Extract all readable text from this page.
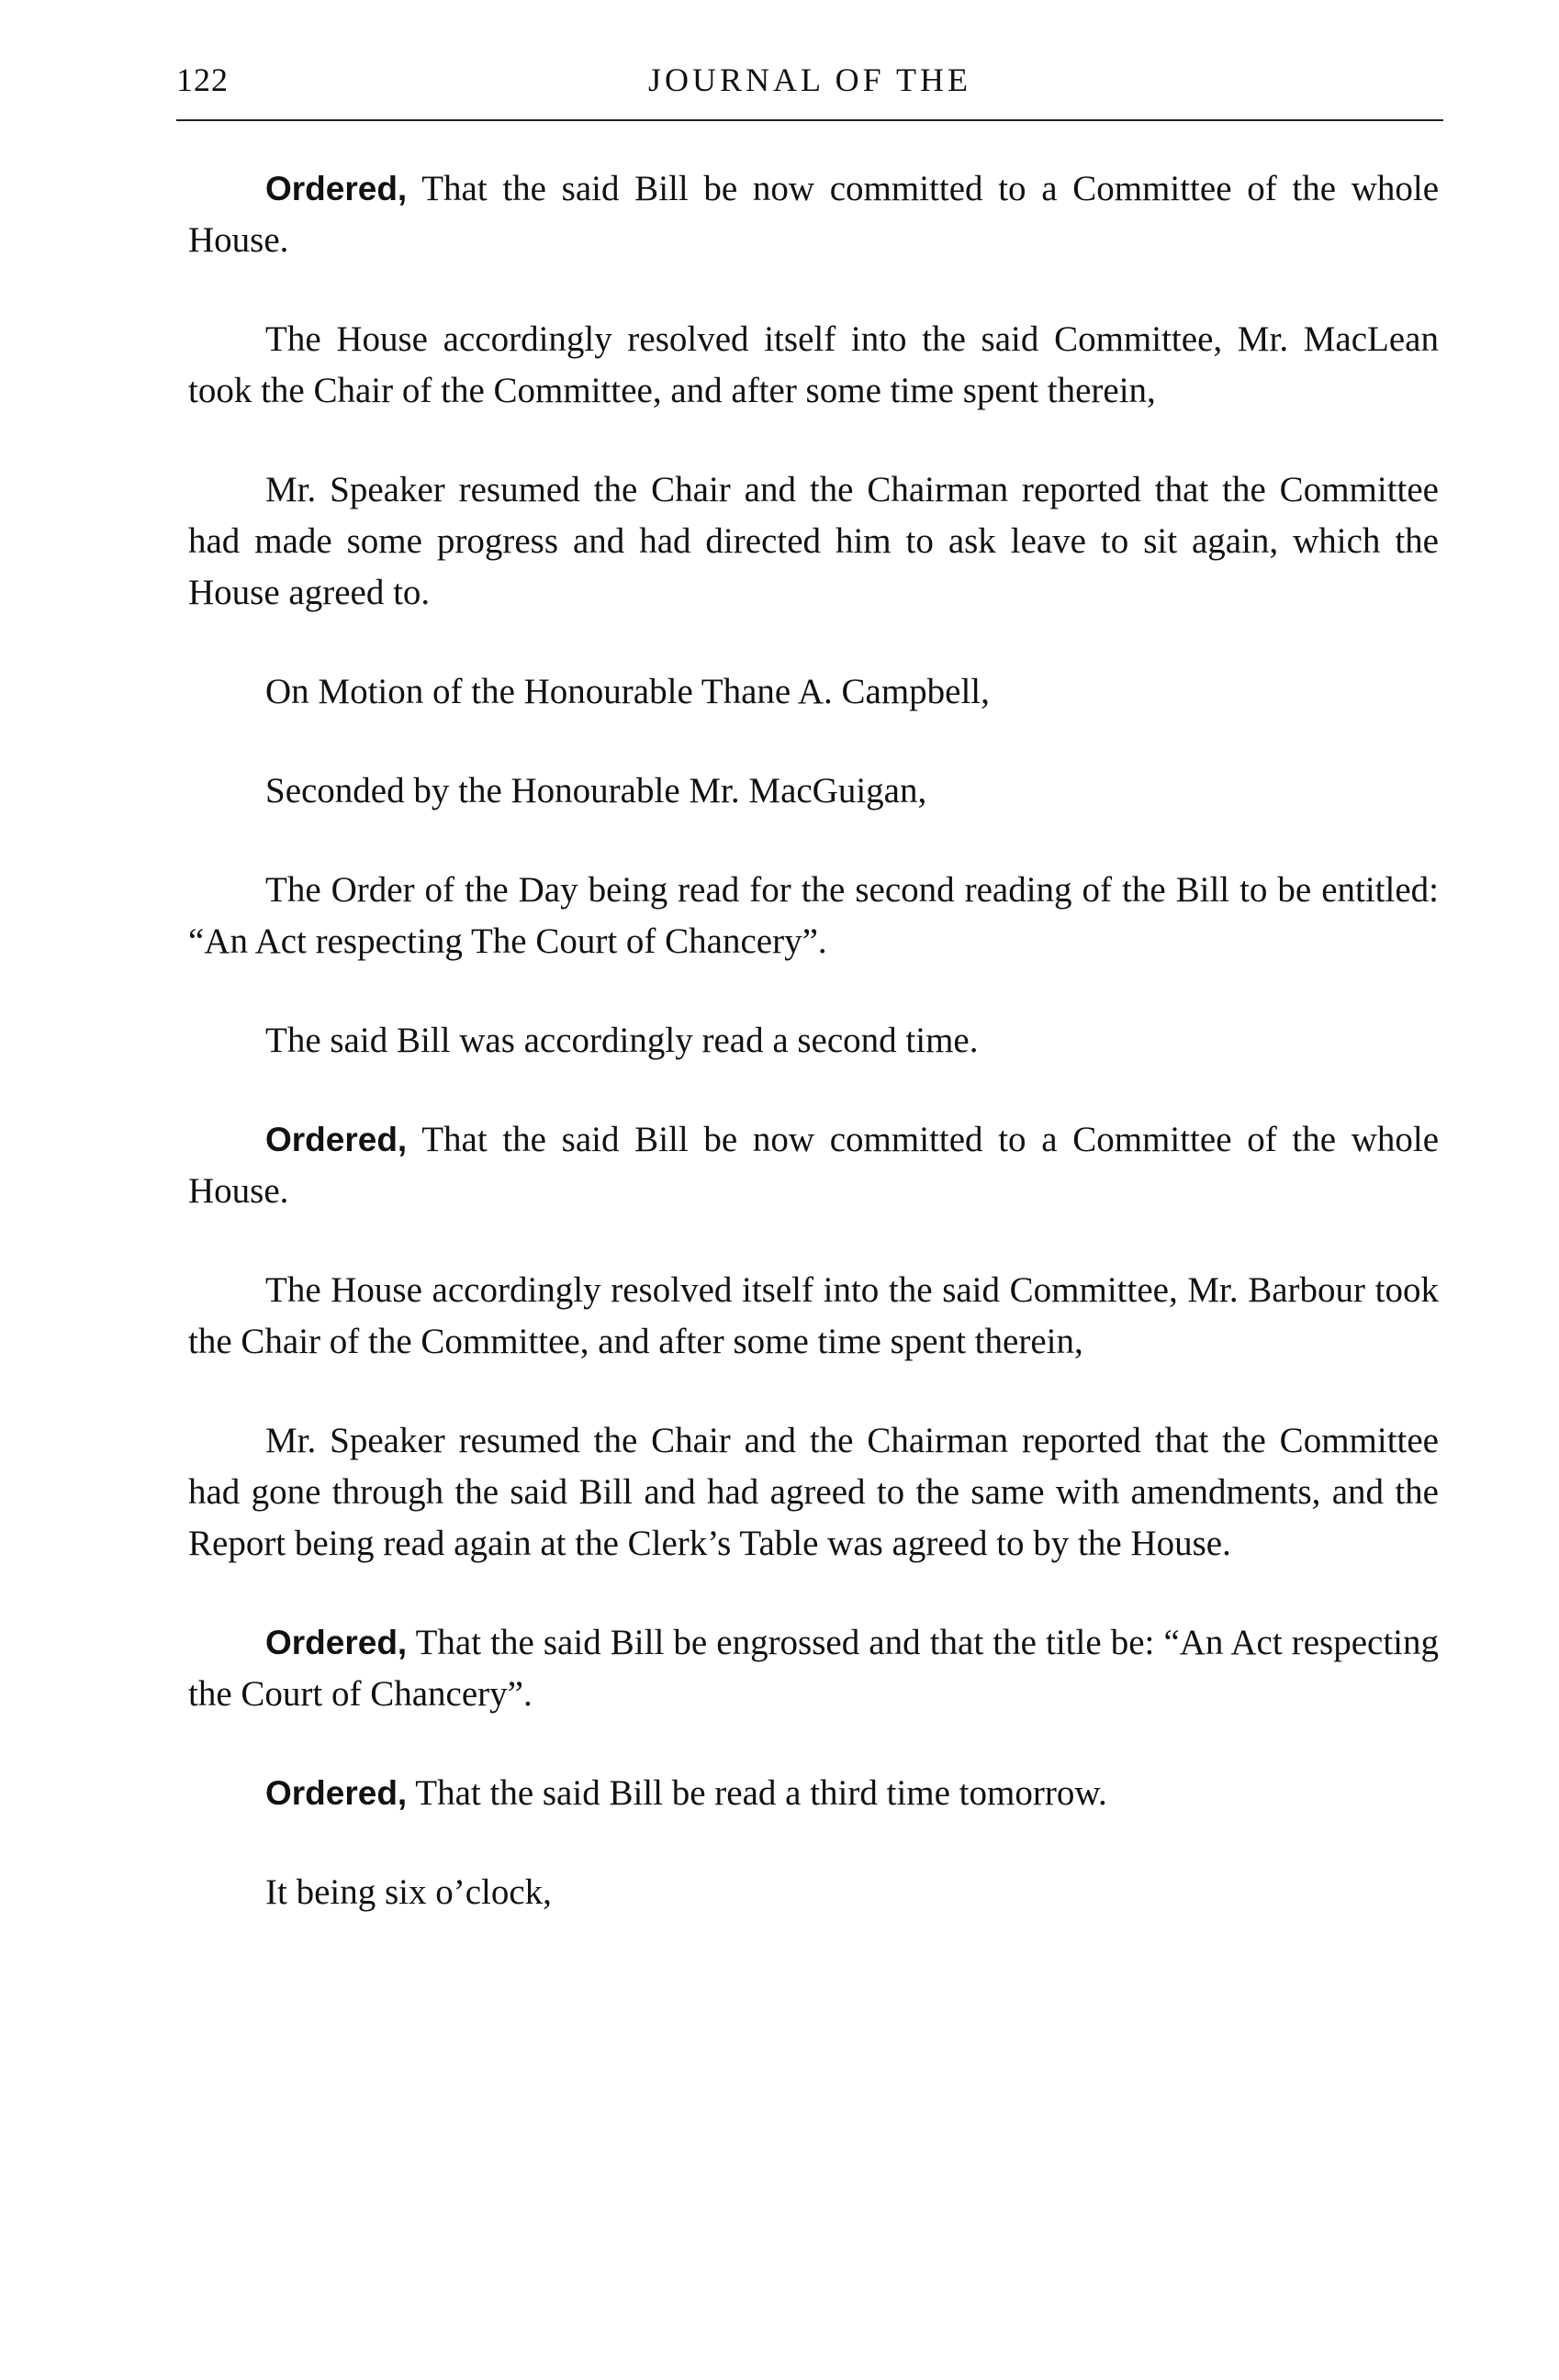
122	JOURNAL OF THE

Ordered, That the said Bill be now committed to a Committee of the whole House.

The House accordingly resolved itself into the said Committee, Mr. MacLean took the Chair of the Committee, and after some time spent therein,

Mr. Speaker resumed the Chair and the Chairman reported that the Committee had made some progress and had directed him to ask leave to sit again, which the House agreed to.

On Motion of the Honourable Thane A. Campbell,

Seconded by the Honourable Mr. MacGuigan,

The Order of the Day being read for the second reading of the Bill to be entitled: “An Act respecting The Court of Chancery”.

The said Bill was accordingly read a second time.

Ordered, That the said Bill be now committed to a Committee of the whole House.

The House accordingly resolved itself into the said Committee, Mr. Barbour took the Chair of the Committee, and after some time spent therein,

Mr. Speaker resumed the Chair and the Chairman reported that the Committee had gone through the said Bill and had agreed to the same with amendments, and the Report being read again at the Clerk’s Table was agreed to by the House.

Ordered, That the said Bill be engrossed and that the title be: “An Act respecting the Court of Chancery”.

Ordered, That the said Bill be read a third time tomorrow.

It being six o’clock,
